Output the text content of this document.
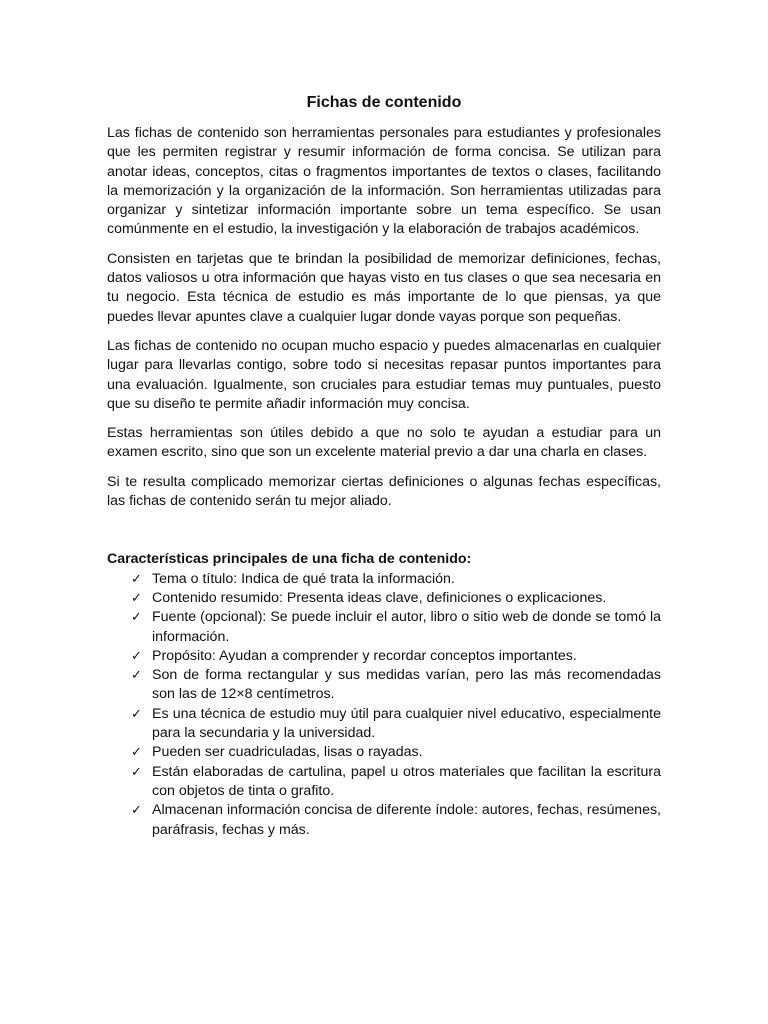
Fichas de contenido

Las fichas de contenido son herramientas personales para estudiantes y profesionales que les permiten registrar y resumir información de forma concisa. Se utilizan para anotar ideas, conceptos, citas o fragmentos importantes de textos o clases, facilitando la memorización y la organización de la información. Son herramientas utilizadas para organizar y sintetizar información importante sobre un tema específico. Se usan comúnmente en el estudio, la investigación y la elaboración de trabajos académicos.

Consisten en tarjetas que te brindan la posibilidad de memorizar definiciones, fechas, datos valiosos u otra información que hayas visto en tus clases o que sea necesaria en tu negocio. Esta técnica de estudio es más importante de lo que piensas, ya que puedes llevar apuntes clave a cualquier lugar donde vayas porque son pequeñas.

Las fichas de contenido no ocupan mucho espacio y puedes almacenarlas en cualquier lugar para llevarlas contigo, sobre todo si necesitas repasar puntos importantes para una evaluación. Igualmente, son cruciales para estudiar temas muy puntuales, puesto que su diseño te permite añadir información muy concisa.

Estas herramientas son útiles debido a que no solo te ayudan a estudiar para un examen escrito, sino que son un excelente material previo a dar una charla en clases.

Si te resulta complicado memorizar ciertas definiciones o algunas fechas específicas, las fichas de contenido serán tu mejor aliado.

Características principales de una ficha de contenido:
✓ Tema o título: Indica de qué trata la información.
✓ Contenido resumido: Presenta ideas clave, definiciones o explicaciones.
✓ Fuente (opcional): Se puede incluir el autor, libro o sitio web de donde se tomó la información.
✓ Propósito: Ayudan a comprender y recordar conceptos importantes.
✓ Son de forma rectangular y sus medidas varían, pero las más recomendadas son las de 12×8 centímetros.
✓ Es una técnica de estudio muy útil para cualquier nivel educativo, especialmente para la secundaria y la universidad.
✓ Pueden ser cuadriculadas, lisas o rayadas.
✓ Están elaboradas de cartulina, papel u otros materiales que facilitan la escritura con objetos de tinta o grafito.
✓ Almacenan información concisa de diferente índole: autores, fechas, resúmenes, paráfrasis, fechas y más.
